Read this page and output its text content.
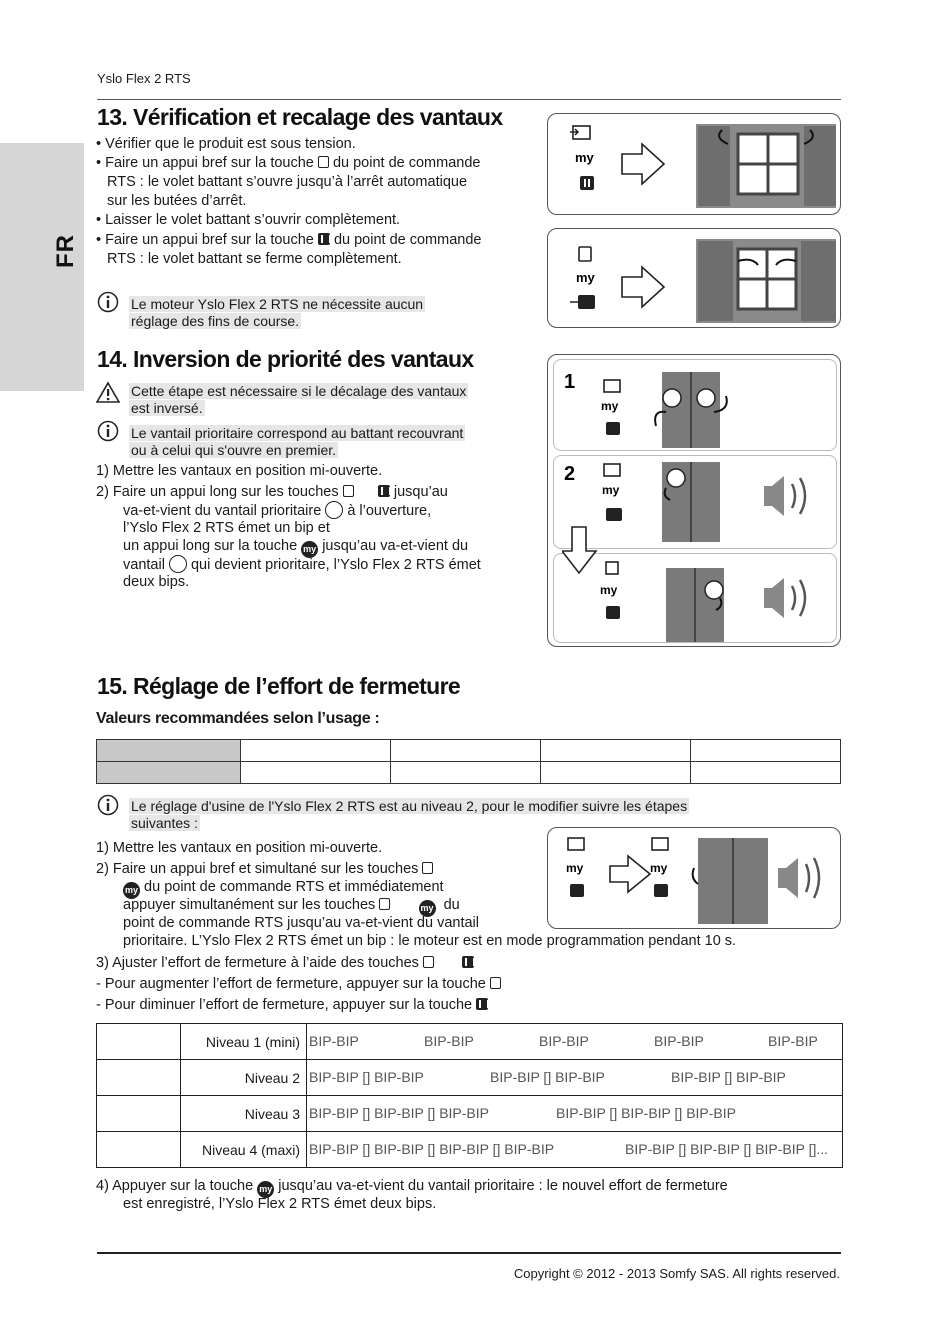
Yslo Flex 2 RTS
FR
13. Vérification et recalage des vantaux
• Vérifier que le produit est sous tension.
• Faire un appui bref sur la touche du point de commande
RTS : le volet battant s’ouvre jusqu’à l’arrêt automatique
sur les butées d’arrêt.
• Laisser le volet battant s’ouvrir complètement.
• Faire un appui bref sur la touche du point de commande
RTS : le volet battant se ferme complètement.
Le moteur Yslo Flex 2 RTS ne nécessite aucun
réglage des fins de course.
my
my
14. Inversion de priorité des vantaux
Cette étape est nécessaire si le décalage des vantaux
est inversé.
Le vantail prioritaire correspond au battant recouvrant
ou à celui qui s'ouvre en premier.
1) Mettre les vantaux en position mi-ouverte.
2) Faire un appui long sur les touches	jusqu’au
va-et-vient du vantail prioritaire à l’ouverture,
l’Yslo Flex 2 RTS émet un bip et
un appui long sur la touche my jusqu’au va-et-vient du
vantail qui devient prioritaire, l’Yslo Flex 2 RTS émet
deux bips.
1
my
2
my
my
15. Réglage de l’effort de fermeture
Valeurs recommandées selon l’usage :

Le réglage d'usine de l'Yslo Flex 2 RTS est au niveau 2, pour le modifier suivre les étapes
suivantes :
1) Mettre les vantaux en position mi-ouverte.
2) Faire un appui bref et simultané sur les touches
my du point de commande RTS et immédiatement
appuyer simultanément sur les touches	my du
point de commande RTS jusqu’au va-et-vient du vantail
prioritaire. L’Yslo Flex 2 RTS émet un bip : le moteur est en mode programmation pendant 10 s.
3) Ajuster l’effort de fermeture à l’aide des touches
- Pour augmenter l’effort de fermeture, appuyer sur la touche
- Pour diminuer l’effort de fermeture, appuyer sur la touche
my	my
	Niveau 1 (mini)	BIP-BIP BIP-BIP BIP-BIP BIP-BIP BIP-BIP

	Niveau 2	BIP-BIP [] BIP-BIP BIP-BIP [] BIP-BIP BIP-BIP [] BIP-BIP

	Niveau 3	BIP-BIP [] BIP-BIP [] BIP-BIP BIP-BIP [] BIP-BIP [] BIP-BIP

	Niveau 4 (maxi)	BIP-BIP [] BIP-BIP [] BIP-BIP [] BIP-BIP BIP-BIP [] BIP-BIP [] BIP-BIP []...
4) Appuyer sur la touche my jusqu’au va-et-vient du vantail prioritaire : le nouvel effort de fermeture
est enregistré, l’Yslo Flex 2 RTS émet deux bips.
Copyright © 2012 - 2013 Somfy SAS. All rights reserved.
